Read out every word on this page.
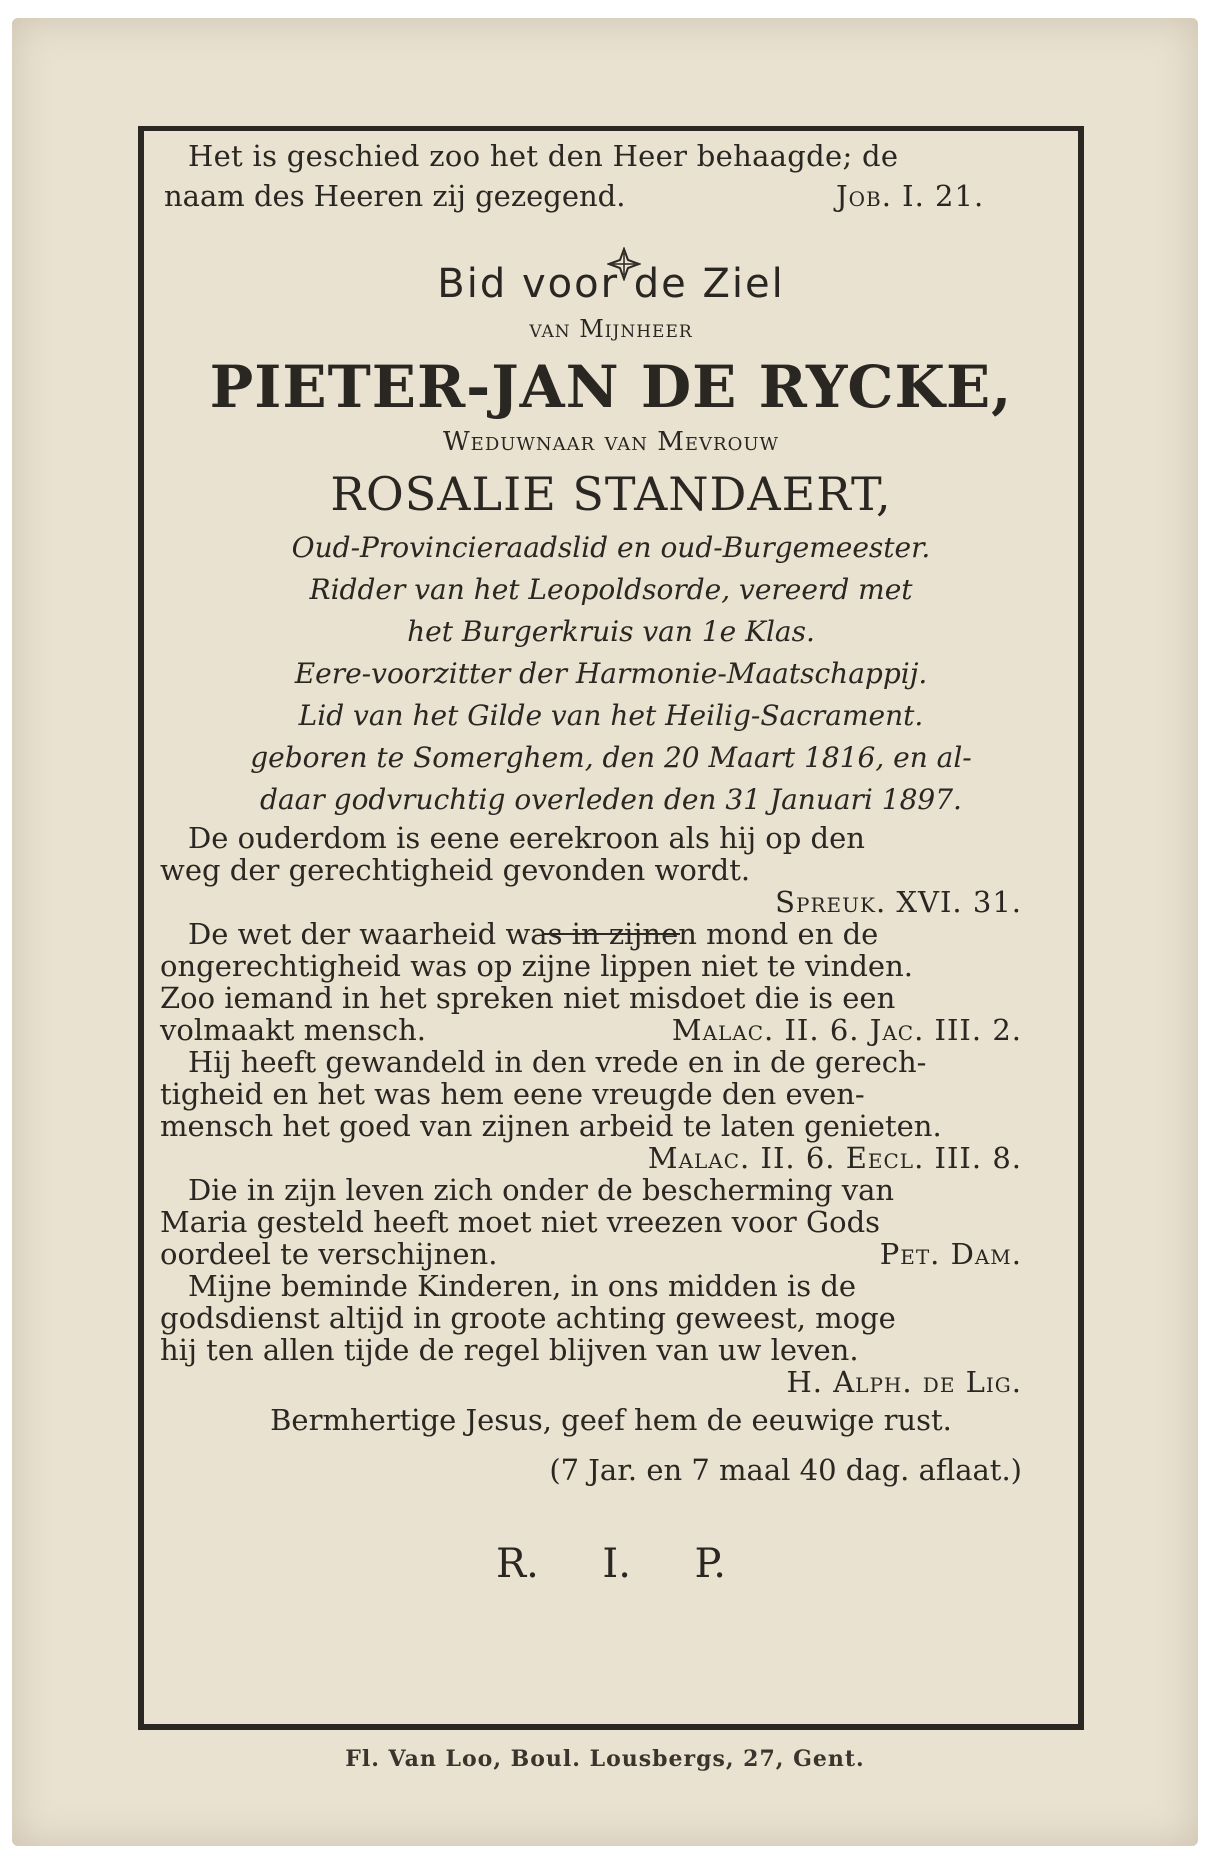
Het is geschied zoo het den Heer behaagde; de

naam des Heeren zij gezegend.	Job. I. 21.

Bid voor de Ziel

van Mijnheer

PIETER-JAN DE RYCKE,

Weduwnaar van Mevrouw

ROSALIE STANDAERT,

Oud-Provincieraadslid en oud-Burgemeester.

Ridder van het Leopoldsorde, vereerd met

het Burgerkruis van 1e Klas.

Eere-voorzitter der Harmonie-Maatschappij.

Lid van het Gilde van het Heilig-Sacrament.

geboren te Somerghem, den 20 Maart 1816, en al-

daar godvruchtig overleden den 31 Januari 1897.

De ouderdom is eene eerekroon als hij op den

weg der gerechtigheid gevonden wordt.

Spreuk. XVI. 31.

De wet der waarheid was in zijnen mond en de

ongerechtigheid was op zijne lippen niet te vinden.

Zoo iemand in het spreken niet misdoet die is een

volmaakt mensch.	Malac. II. 6. Jac. III. 2.

Hij heeft gewandeld in den vrede en in de gerech-

tigheid en het was hem eene vreugde den even-

mensch het goed van zijnen arbeid te laten genieten.

Malac. II. 6. Eecl. III. 8.

Die in zijn leven zich onder de bescherming van

Maria gesteld heeft moet niet vreezen voor Gods

oordeel te verschijnen.	Pet. Dam.

Mijne beminde Kinderen, in ons midden is de

godsdienst altijd in groote achting geweest, moge

hij ten allen tijde de regel blijven van uw leven.

H. Alph. de Lig.

Bermhertige Jesus, geef hem de eeuwige rust.

(7 Jar. en 7 maal 40 dag. aflaat.)

R.     I.     P.

Fl. Van Loo, Boul. Lousbergs, 27, Gent.
